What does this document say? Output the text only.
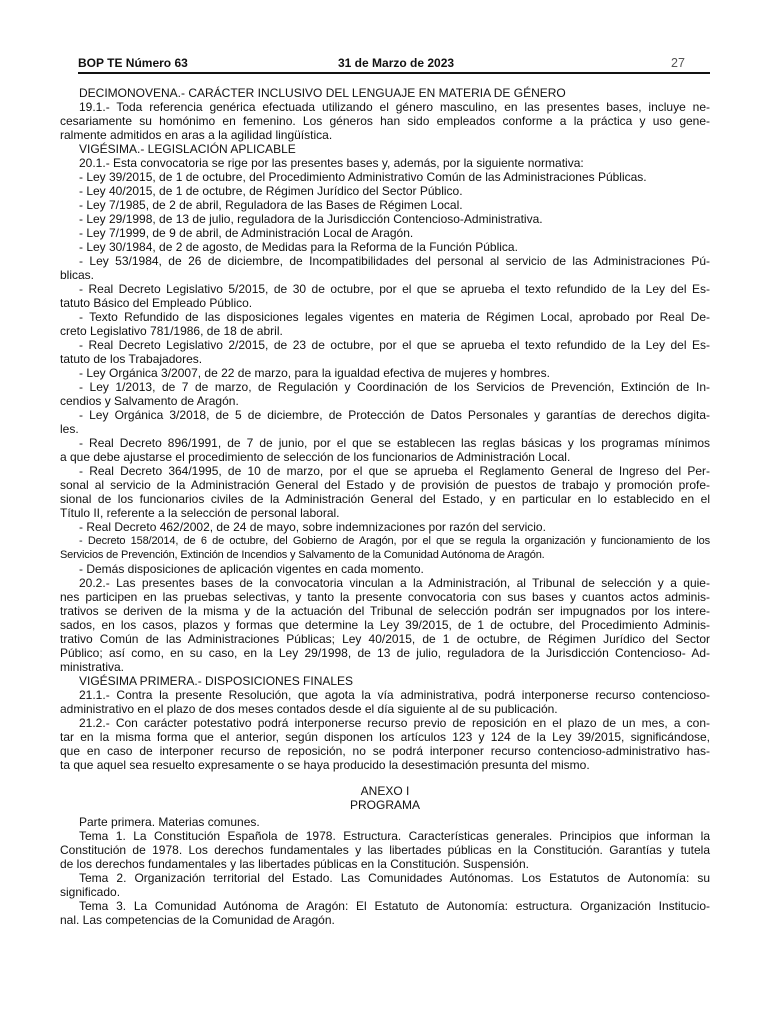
BOP TE Número 63	31 de Marzo de 2023	27
DECIMONOVENA.- CARÁCTER INCLUSIVO DEL LENGUAJE EN MATERIA DE GÉNERO
19.1.- Toda referencia genérica efectuada utilizando el género masculino, en las presentes bases, incluye ne-
cesariamente su homónimo en femenino. Los géneros han sido empleados conforme a la práctica y uso gene-
ralmente admitidos en aras a la agilidad lingüística.
VIGÉSIMA.- LEGISLACIÓN APLICABLE
20.1.- Esta convocatoria se rige por las presentes bases y, además, por la siguiente normativa:
- Ley 39/2015, de 1 de octubre, del Procedimiento Administrativo Común de las Administraciones Públicas.
- Ley 40/2015, de 1 de octubre, de Régimen Jurídico del Sector Público.
- Ley 7/1985, de 2 de abril, Reguladora de las Bases de Régimen Local.
- Ley 29/1998, de 13 de julio, reguladora de la Jurisdicción Contencioso-Administrativa.
- Ley 7/1999, de 9 de abril, de Administración Local de Aragón.
- Ley 30/1984, de 2 de agosto, de Medidas para la Reforma de la Función Pública.
- Ley 53/1984, de 26 de diciembre, de Incompatibilidades del personal al servicio de las Administraciones Pú-
blicas.
- Real Decreto Legislativo 5/2015, de 30 de octubre, por el que se aprueba el texto refundido de la Ley del Es-
tatuto Básico del Empleado Público.
- Texto Refundido de las disposiciones legales vigentes en materia de Régimen Local, aprobado por Real De-
creto Legislativo 781/1986, de 18 de abril.
- Real Decreto Legislativo 2/2015, de 23 de octubre, por el que se aprueba el texto refundido de la Ley del Es-
tatuto de los Trabajadores.
- Ley Orgánica 3/2007, de 22 de marzo, para la igualdad efectiva de mujeres y hombres.
- Ley 1/2013, de 7 de marzo, de Regulación y Coordinación de los Servicios de Prevención, Extinción de In-
cendios y Salvamento de Aragón.
- Ley Orgánica 3/2018, de 5 de diciembre, de Protección de Datos Personales y garantías de derechos digita-
les.
- Real Decreto 896/1991, de 7 de junio, por el que se establecen las reglas básicas y los programas mínimos
a que debe ajustarse el procedimiento de selección de los funcionarios de Administración Local.
- Real Decreto 364/1995, de 10 de marzo, por el que se aprueba el Reglamento General de Ingreso del Per-
sonal al servicio de la Administración General del Estado y de provisión de puestos de trabajo y promoción profe-
sional de los funcionarios civiles de la Administración General del Estado, y en particular en lo establecido en el
Título II, referente a la selección de personal laboral.
- Real Decreto 462/2002, de 24 de mayo, sobre indemnizaciones por razón del servicio.
- Decreto 158/2014, de 6 de octubre, del Gobierno de Aragón, por el que se regula la organización y funcionamiento de los
Servicios de Prevención, Extinción de Incendios y Salvamento de la Comunidad Autónoma de Aragón.
- Demás disposiciones de aplicación vigentes en cada momento.
20.2.- Las presentes bases de la convocatoria vinculan a la Administración, al Tribunal de selección y a quie-
nes participen en las pruebas selectivas, y tanto la presente convocatoria con sus bases y cuantos actos adminis-
trativos se deriven de la misma y de la actuación del Tribunal de selección podrán ser impugnados por los intere-
sados, en los casos, plazos y formas que determine la Ley 39/2015, de 1 de octubre, del Procedimiento Adminis-
trativo Común de las Administraciones Públicas; Ley 40/2015, de 1 de octubre, de Régimen Jurídico del Sector
Público; así como, en su caso, en la Ley 29/1998, de 13 de julio, reguladora de la Jurisdicción Contencioso- Ad-
ministrativa.
VIGÉSIMA PRIMERA.- DISPOSICIONES FINALES
21.1.- Contra la presente Resolución, que agota la vía administrativa, podrá interponerse recurso contencioso-
administrativo en el plazo de dos meses contados desde el día siguiente al de su publicación.
21.2.- Con carácter potestativo podrá interponerse recurso previo de reposición en el plazo de un mes, a con-
tar en la misma forma que el anterior, según disponen los artículos 123 y 124 de la Ley 39/2015, significándose,
que en caso de interponer recurso de reposición, no se podrá interponer recurso contencioso-administrativo has-
ta que aquel sea resuelto expresamente o se haya producido la desestimación presunta del mismo.
ANEXO I
PROGRAMA
Parte primera. Materias comunes.
Tema 1. La Constitución Española de 1978. Estructura. Características generales. Principios que informan la
Constitución de 1978. Los derechos fundamentales y las libertades públicas en la Constitución. Garantías y tutela
de los derechos fundamentales y las libertades públicas en la Constitución. Suspensión.
Tema 2. Organización territorial del Estado. Las Comunidades Autónomas. Los Estatutos de Autonomía: su
significado.
Tema 3. La Comunidad Autónoma de Aragón: El Estatuto de Autonomía: estructura. Organización Institucio-
nal. Las competencias de la Comunidad de Aragón.
